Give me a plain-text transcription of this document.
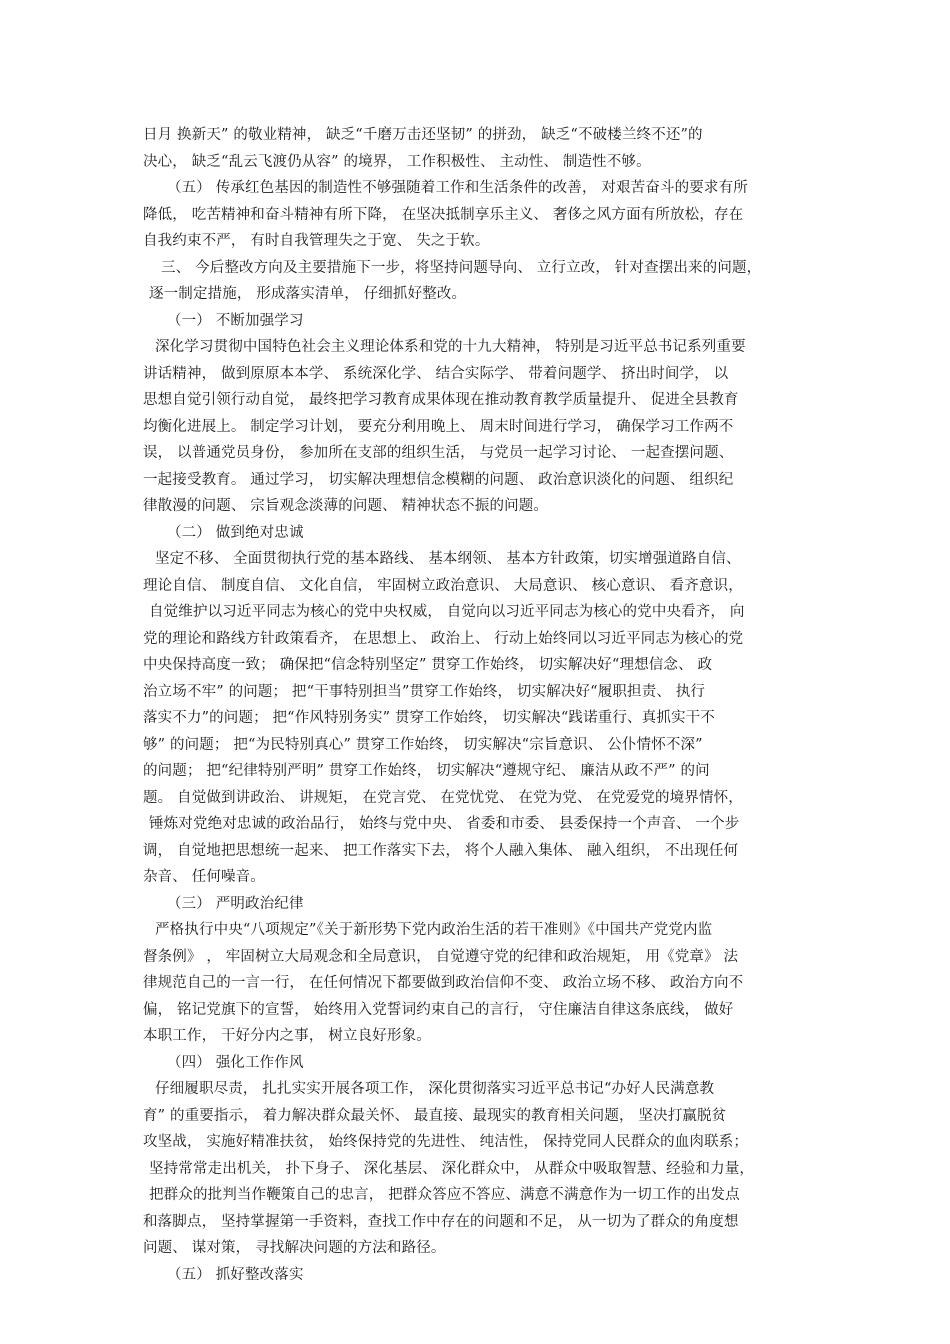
日月 换新天” 的敬业精神， 缺乏“千磨万击还坚韧” 的拼劲， 缺乏“不破楼兰终不还”的
决心， 缺乏“乱云飞渡仍从容” 的境界， 工作积极性、 主动性、 制造性不够。
（五） 传承红色基因的制造性不够强随着工作和生活条件的改善， 对艰苦奋斗的要求有所
降低， 吃苦精神和奋斗精神有所下降， 在坚决抵制享乐主义、 奢侈之风方面有所放松，存在
自我约束不严， 有时自我管理失之于宽、 失之于软。
三、 今后整改方向及主要措施下一步，将坚持问题导向、 立行立改， 针对查摆出来的问题，
逐一制定措施， 形成落实清单， 仔细抓好整改。
（一） 不断加强学习
深化学习贯彻中国特色社会主义理论体系和党的十九大精神， 特别是习近平总书记系列重要
讲话精神， 做到原原本本学、 系统深化学、 结合实际学、 带着问题学、 挤出时间学， 以
思想自觉引领行动自觉， 最终把学习教育成果体现在推动教育教学质量提升、 促进全县教育
均衡化进展上。 制定学习计划， 要充分利用晚上、 周末时间进行学习， 确保学习工作两不
误， 以普通党员身份， 参加所在支部的组织生活， 与党员一起学习讨论、 一起查摆问题、
一起接受教育。 通过学习， 切实解决理想信念模糊的问题、 政治意识淡化的问题、 组织纪
律散漫的问题、 宗旨观念淡薄的问题、 精神状态不振的问题。
（二） 做到绝对忠诚
坚定不移、 全面贯彻执行党的基本路线、 基本纲领、 基本方针政策，切实增强道路自信、
理论自信、 制度自信、 文化自信， 牢固树立政治意识、 大局意识、 核心意识、 看齐意识，
自觉维护以习近平同志为核心的党中央权威， 自觉向以习近平同志为核心的党中央看齐， 向
党的理论和路线方针政策看齐， 在思想上、 政治上、 行动上始终同以习近平同志为核心的党
中央保持高度一致； 确保把“信念特别坚定” 贯穿工作始终， 切实解决好“理想信念、 政
治立场不牢” 的问题； 把“干事特别担当”贯穿工作始终， 切实解决好“履职担责、 执行
落实不力”的问题； 把“作风特别务实” 贯穿工作始终， 切实解决“践诺重行、真抓实干不
够” 的问题； 把“为民特别真心” 贯穿工作始终， 切实解决“宗旨意识、 公仆情怀不深”
的问题； 把“纪律特别严明” 贯穿工作始终， 切实解决“遵规守纪、 廉洁从政不严” 的问
题。 自觉做到讲政治、 讲规矩， 在党言党、 在党忧党、 在党为党、 在党爱党的境界情怀，
锤炼对党绝对忠诚的政治品行， 始终与党中央、 省委和市委、 县委保持一个声音、 一个步
调， 自觉地把思想统一起来、 把工作落实下去， 将个人融入集体、 融入组织， 不出现任何
杂音、 任何噪音。
（三） 严明政治纪律
严格执行中央“八项规定”《关于新形势下党内政治生活的若干准则》《中国共产党党内监
督条例》 ， 牢固树立大局观念和全局意识， 自觉遵守党的纪律和政治规矩， 用《党章》 法
律规范自己的一言一行， 在任何情况下都要做到政治信仰不变、 政治立场不移、 政治方向不
偏， 铭记党旗下的宣誓， 始终用入党誓词约束自己的言行， 守住廉洁自律这条底线， 做好
本职工作， 干好分内之事， 树立良好形象。
（四） 强化工作作风
仔细履职尽责， 扎扎实实开展各项工作， 深化贯彻落实习近平总书记“办好人民满意教
育” 的重要指示， 着力解决群众最关怀、 最直接、最现实的教育相关问题， 坚决打赢脱贫
攻坚战， 实施好精准扶贫， 始终保持党的先进性、 纯洁性， 保持党同人民群众的血肉联系；
坚持常常走出机关， 扑下身子、 深化基层、 深化群众中， 从群众中吸取智慧、经验和力量，
把群众的批判当作鞭策自己的忠言， 把群众答应不答应、满意不满意作为一切工作的出发点
和落脚点， 坚持掌握第一手资料，查找工作中存在的问题和不足， 从一切为了群众的角度想
问题、 谋对策， 寻找解决问题的方法和路径。
（五） 抓好整改落实
